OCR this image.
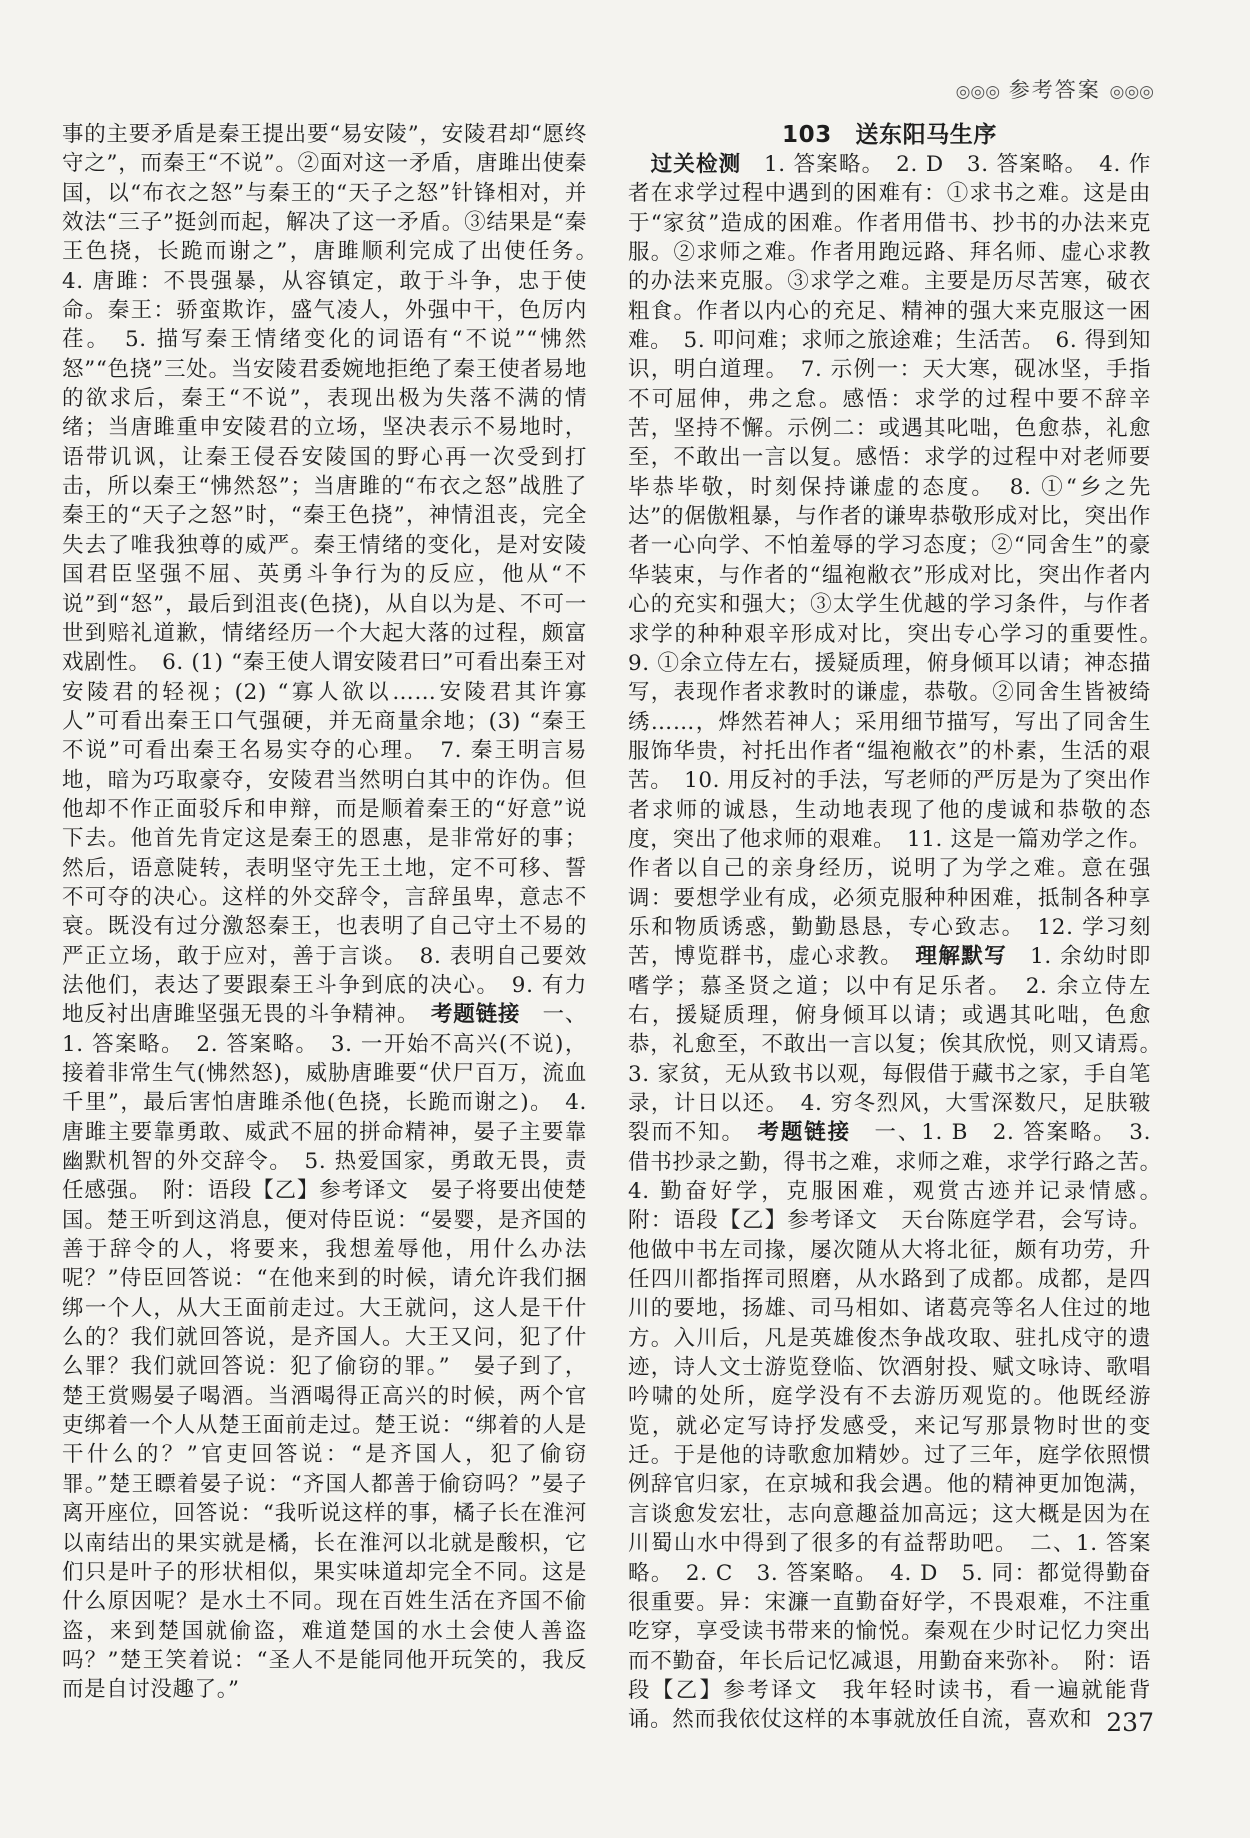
◎◎◎ 参考答案 ◎◎◎

事的主要矛盾是秦王提出要“易安陵”，安陵君却“愿终守之”，而秦王“不说”。②面对这一矛盾，唐雎出使秦国，以“布衣之怒”与秦王的“天子之怒”针锋相对，并效法“三子”挺剑而起，解决了这一矛盾。③结果是“秦王色挠，长跪而谢之”，唐雎顺利完成了出使任务。　4. 唐雎：不畏强暴，从容镇定，敢于斗争，忠于使命。秦王：骄蛮欺诈，盛气凌人，外强中干，色厉内荏。　5. 描写秦王情绪变化的词语有“不说”“怫然怒”“色挠”三处。当安陵君委婉地拒绝了秦王使者易地的欲求后，秦王“不说”，表现出极为失落不满的情绪；当唐雎重申安陵君的立场，坚决表示不易地时，语带讥讽，让秦王侵吞安陵国的野心再一次受到打击，所以秦王“怫然怒”；当唐雎的“布衣之怒”战胜了秦王的“天子之怒”时，“秦王色挠”，神情沮丧，完全失去了唯我独尊的威严。秦王情绪的变化，是对安陵国君臣坚强不屈、英勇斗争行为的反应，他从“不说”到“怒”，最后到沮丧(色挠)，从自以为是、不可一世到赔礼道歉，情绪经历一个大起大落的过程，颇富戏剧性。　6. (1) “秦王使人谓安陵君曰”可看出秦王对安陵君的轻视；(2) “寡人欲以……安陵君其许寡人”可看出秦王口气强硬，并无商量余地；(3) “秦王不说”可看出秦王名易实夺的心理。　7. 秦王明言易地，暗为巧取豪夺，安陵君当然明白其中的诈伪。但他却不作正面驳斥和申辩，而是顺着秦王的“好意”说下去。他首先肯定这是秦王的恩惠，是非常好的事；然后，语意陡转，表明坚守先王土地，定不可移、誓不可夺的决心。这样的外交辞令，言辞虽卑，意志不衰。既没有过分激怒秦王，也表明了自己守土不易的严正立场，敢于应对，善于言谈。　8. 表明自己要效法他们，表达了要跟秦王斗争到底的决心。　9. 有力地反衬出唐雎坚强无畏的斗争精神。　 考题链接　 一、1. 答案略。　2. 答案略。　3. 一开始不高兴(不说)，接着非常生气(怫然怒)，威胁唐雎要“伏尸百万，流血千里”，最后害怕唐雎杀他(色挠，长跪而谢之)。　4. 唐雎主要靠勇敢、威武不屈的拼命精神，晏子主要靠幽默机智的外交辞令。　5. 热爱国家，勇敢无畏，责任感强。　附：语段【乙】参考译文　晏子将要出使楚国。楚王听到这消息，便对侍臣说：“晏婴，是齐国的善于辞令的人，将要来，我想羞辱他，用什么办法呢？”侍臣回答说：“在他来到的时候，请允许我们捆绑一个人，从大王面前走过。大王就问，这人是干什么的？我们就回答说，是齐国人。大王又问，犯了什么罪？我们就回答说：犯了偷窃的罪。”　晏子到了，楚王赏赐晏子喝酒。当酒喝得正高兴的时候，两个官吏绑着一个人从楚王面前走过。楚王说：“绑着的人是干什么的？”官吏回答说：“是齐国人，犯了偷窃罪。”楚王瞟着晏子说：“齐国人都善于偷窃吗？”晏子离开座位，回答说：“我听说这样的事，橘子长在淮河以南结出的果实就是橘，长在淮河以北就是酸枳，它们只是叶子的形状相似，果实味道却完全不同。这是什么原因呢？是水土不同。现在百姓生活在齐国不偷盗，来到楚国就偷盗，难道楚国的水土会使人善盗吗？”楚王笑着说：“圣人不是能同他开玩笑的，我反而是自讨没趣了。”

103　 送东阳马生序

　过关检测　 1. 答案略。　2. D　3. 答案略。　4. 作者在求学过程中遇到的困难有：①求书之难。这是由于“家贫”造成的困难。作者用借书、抄书的办法来克服。②求师之难。作者用跑远路、拜名师、虚心求教的办法来克服。③求学之难。主要是历尽苦寒，破衣粗食。作者以内心的充足、精神的强大来克服这一困难。　5. 叩问难；求师之旅途难；生活苦。　6. 得到知识，明白道理。　7. 示例一：天大寒，砚冰坚，手指不可屈伸，弗之怠。感悟：求学的过程中要不辞辛苦，坚持不懈。示例二：或遇其叱咄，色愈恭，礼愈至，不敢出一言以复。感悟：求学的过程中对老师要毕恭毕敬，时刻保持谦虚的态度。　8. ①“乡之先达”的倨傲粗暴，与作者的谦卑恭敬形成对比，突出作者一心向学、不怕羞辱的学习态度；②“同舍生”的豪华装束，与作者的“缊袍敝衣”形成对比，突出作者内心的充实和强大；③太学生优越的学习条件，与作者求学的种种艰辛形成对比，突出专心学习的重要性。　9. ①余立侍左右，援疑质理，俯身倾耳以请；神态描写，表现作者求教时的谦虚，恭敬。②同舍生皆被绮绣……，烨然若神人；采用细节描写，写出了同舍生服饰华贵，衬托出作者“缊袍敝衣”的朴素，生活的艰苦。　10. 用反衬的手法，写老师的严厉是为了突出作者求师的诚恳，生动地表现了他的虔诚和恭敬的态度，突出了他求师的艰难。　11. 这是一篇劝学之作。作者以自己的亲身经历，说明了为学之难。意在强调：要想学业有成，必须克服种种困难，抵制各种享乐和物质诱惑，勤勤恳恳，专心致志。　12. 学习刻苦，博览群书，虚心求教。　 理解默写　 1. 余幼时即嗜学；慕圣贤之道；以中有足乐者。　2. 余立侍左右，援疑质理，俯身倾耳以请；或遇其叱咄，色愈恭，礼愈至，不敢出一言以复；俟其欣悦，则又请焉。　3. 家贫，无从致书以观，每假借于藏书之家，手自笔录，计日以还。　4. 穷冬烈风，大雪深数尺，足肤皲裂而不知。　 考题链接　 一、1. B　2. 答案略。　3. 借书抄录之勤，得书之难，求师之难，求学行路之苦。　4. 勤奋好学，克服困难，观赏古迹并记录情感。　附：语段【乙】参考译文　天台陈庭学君，会写诗。他做中书左司掾，屡次随从大将北征，颇有功劳，升任四川都指挥司照磨，从水路到了成都。成都，是四川的要地，扬雄、司马相如、诸葛亮等名人住过的地方。入川后，凡是英雄俊杰争战攻取、驻扎戍守的遗迹，诗人文士游览登临、饮酒射投、赋文咏诗、歌唱吟啸的处所，庭学没有不去游历观览的。他既经游览，就必定写诗抒发感受，来记写那景物时世的变迁。于是他的诗歌愈加精妙。过了三年，庭学依照惯例辞官归家，在京城和我会遇。他的精神更加饱满，言谈愈发宏壮，志向意趣益加高远；这大概是因为在川蜀山水中得到了很多的有益帮助吧。　二、1. 答案略。　2. C　3. 答案略。　4. D　5. 同：都觉得勤奋很重要。异：宋濂一直勤奋好学，不畏艰难，不注重吃穿，享受读书带来的愉悦。秦观在少时记忆力突出而不勤奋，年长后记忆减退，用勤奋来弥补。　附：语段【乙】参考译文　我年轻时读书，看一遍就能背诵。然而我依仗这样的本事就放任自流，喜欢和 237
